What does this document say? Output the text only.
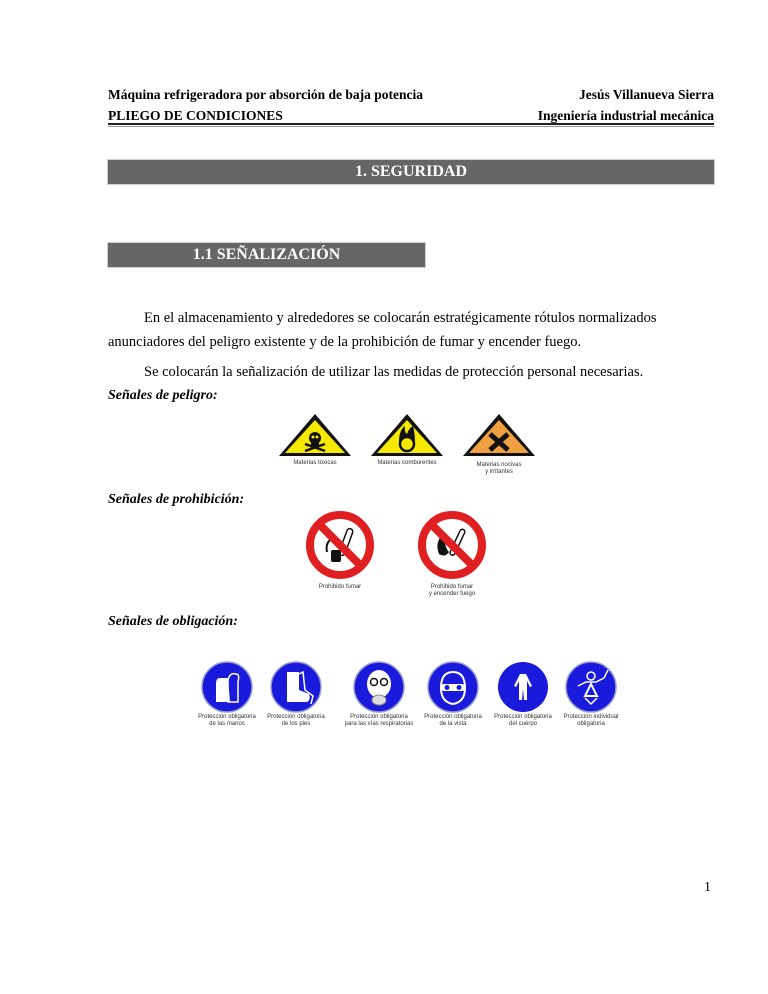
Máquina refrigeradora por absorción de baja potencia
PLIEGO DE CONDICIONES
Jesús Villanueva Sierra
Ingeniería industrial mecánica
1. SEGURIDAD
1.1 SEÑALIZACIÓN
En el almacenamiento y alrededores se colocarán estratégicamente rótulos normalizados anunciadores del peligro existente y de la prohibición de fumar y encender fuego.
Se colocarán la señalización de utilizar las medidas de protección personal necesarias.
Señales de peligro:
Materias tóxicas	Materias comburentes	Materias nocivas
y irritantes
Señales de prohibición:
Prohibido fumar	Prohibido fumar
y encender fuego
Señales de obligación:
Protección obligatoria
de las manos
Protección obligatoria
de los pies
Protección obligatoria
para las vías respiratorias
Protección obligatoria
de la vista
Protección obligatoria
del cuerpo
Protección individual
obligatoria
1
